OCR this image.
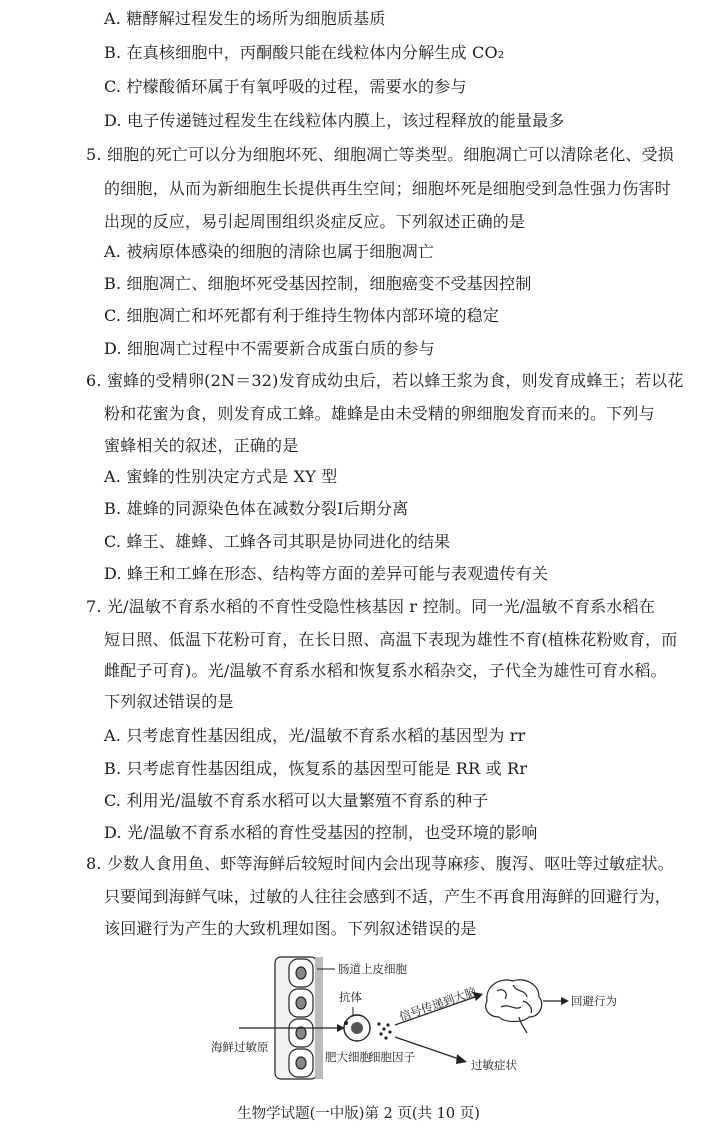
A. 糖酵解过程发生的场所为细胞质基质
B. 在真核细胞中，丙酮酸只能在线粒体内分解生成 CO₂
C. 柠檬酸循环属于有氧呼吸的过程，需要水的参与
D. 电子传递链过程发生在线粒体内膜上，该过程释放的能量最多
5. 细胞的死亡可以分为细胞坏死、细胞凋亡等类型。细胞凋亡可以清除老化、受损
的细胞，从而为新细胞生长提供再生空间；细胞坏死是细胞受到急性强力伤害时
出现的反应，易引起周围组织炎症反应。下列叙述正确的是
A. 被病原体感染的细胞的清除也属于细胞凋亡
B. 细胞凋亡、细胞坏死受基因控制，细胞癌变不受基因控制
C. 细胞凋亡和坏死都有利于维持生物体内部环境的稳定
D. 细胞凋亡过程中不需要新合成蛋白质的参与
6. 蜜蜂的受精卵(2N＝32)发育成幼虫后，若以蜂王浆为食，则发育成蜂王；若以花
粉和花蜜为食，则发育成工蜂。雄蜂是由未受精的卵细胞发育而来的。下列与
蜜蜂相关的叙述，正确的是
A. 蜜蜂的性别决定方式是 XY 型
B. 雄蜂的同源染色体在减数分裂Ⅰ后期分离
C. 蜂王、雄蜂、工蜂各司其职是协同进化的结果
D. 蜂王和工蜂在形态、结构等方面的差异可能与表观遗传有关
7. 光/温敏不育系水稻的不育性受隐性核基因 r 控制。同一光/温敏不育系水稻在
短日照、低温下花粉可育，在长日照、高温下表现为雄性不育(植株花粉败育，而
雌配子可育)。光/温敏不育系水稻和恢复系水稻杂交，子代全为雄性可育水稻。
下列叙述错误的是
A. 只考虑育性基因组成，光/温敏不育系水稻的基因型为 rr
B. 只考虑育性基因组成，恢复系的基因型可能是 RR 或 Rr
C. 利用光/温敏不育系水稻可以大量繁殖不育系的种子
D. 光/温敏不育系水稻的育性受基因的控制，也受环境的影响
8. 少数人食用鱼、虾等海鲜后较短时间内会出现荨麻疹、腹泻、呕吐等过敏症状。
只要闻到海鲜气味，过敏的人往往会感到不适，产生不再食用海鲜的回避行为，
该回避行为产生的大致机理如图。下列叙述错误的是
肠道上皮细胞
海鲜过敏原
抗体
肥大细胞
细胞因子
信号传递到大脑
过敏症状
回避行为
生物学试题(一中版)第 2 页(共 10 页)
